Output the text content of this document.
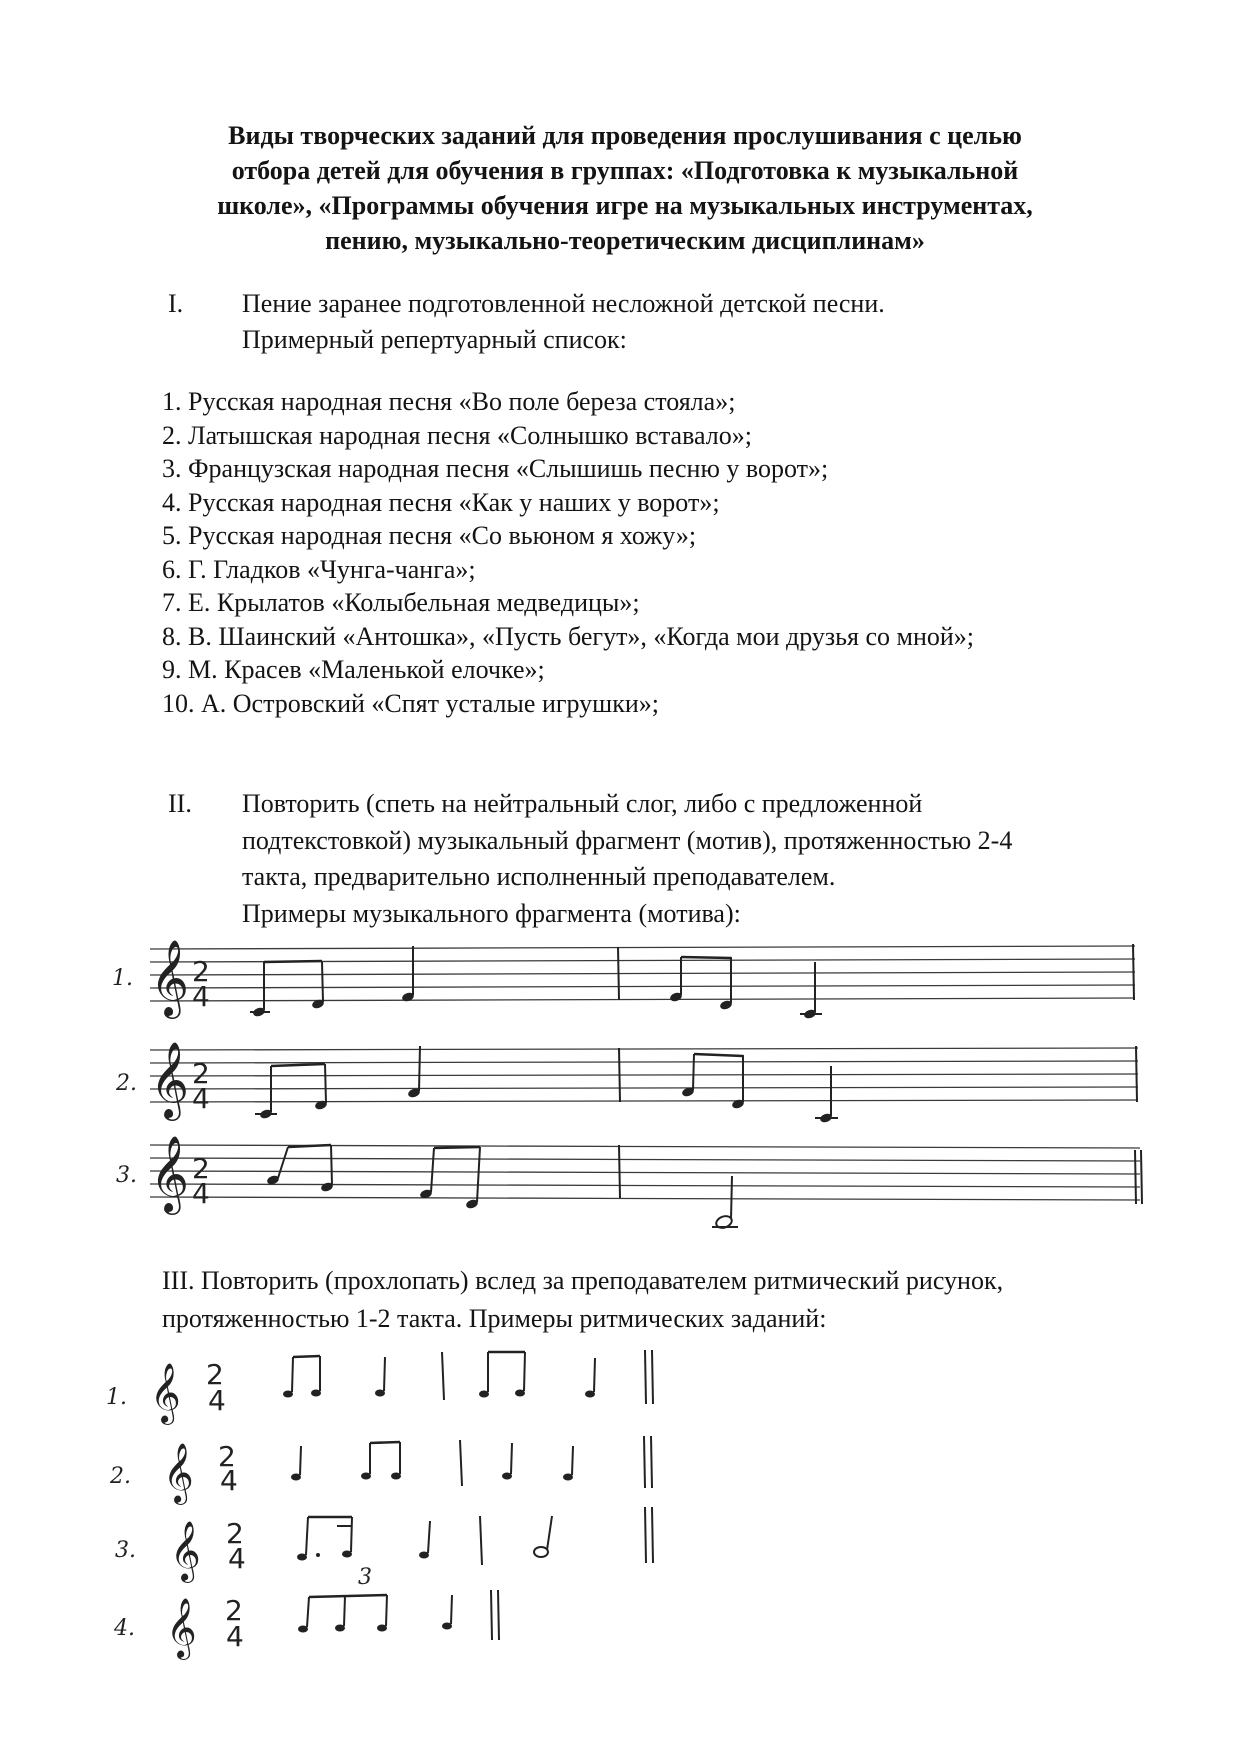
Виды творческих заданий для проведения прослушивания с целью
отбора детей для обучения в группах: «Подготовка к музыкальной
школе», «Программы обучения игре на музыкальных инструментах,
пению, музыкально-теоретическим дисциплинам»
I. Пение заранее подготовленной несложной детской песни.
Примерный репертуарный список:
1. Русская народная песня «Во поле береза стояла»;
2. Латышская народная песня «Солнышко вставало»;
3. Французская народная песня «Слышишь песню у ворот»;
4. Русская народная песня «Как у наших у ворот»;
5. Русская народная песня «Со вьюном я хожу»;
6. Г. Гладков «Чунга-чанга»;
7. Е. Крылатов «Колыбельная медведицы»;
8. В. Шаинский «Антошка», «Пусть бегут», «Когда мои друзья со мной»;
9. М. Красев «Маленькой елочке»;
10. А. Островский «Спят усталые игрушки»;
II. Повторить (спеть на нейтральный слог, либо с предложенной
подтекстовкой) музыкальный фрагмент (мотив), протяженностью 2-4
такта, предварительно исполненный преподавателем.
Примеры музыкального фрагмента (мотива):
III. Повторить (прохлопать) вслед за преподавателем ритмический рисунок,
протяженностью 1-2 такта. Примеры ритмических заданий:
1. 𝄞 2
4
2. 𝄞 2
4
3. 𝄞 2
4
1. 𝄞 2
4
2. 𝄞 2
4
3. 𝄞 2
4
4. 𝄞 2
4
3
